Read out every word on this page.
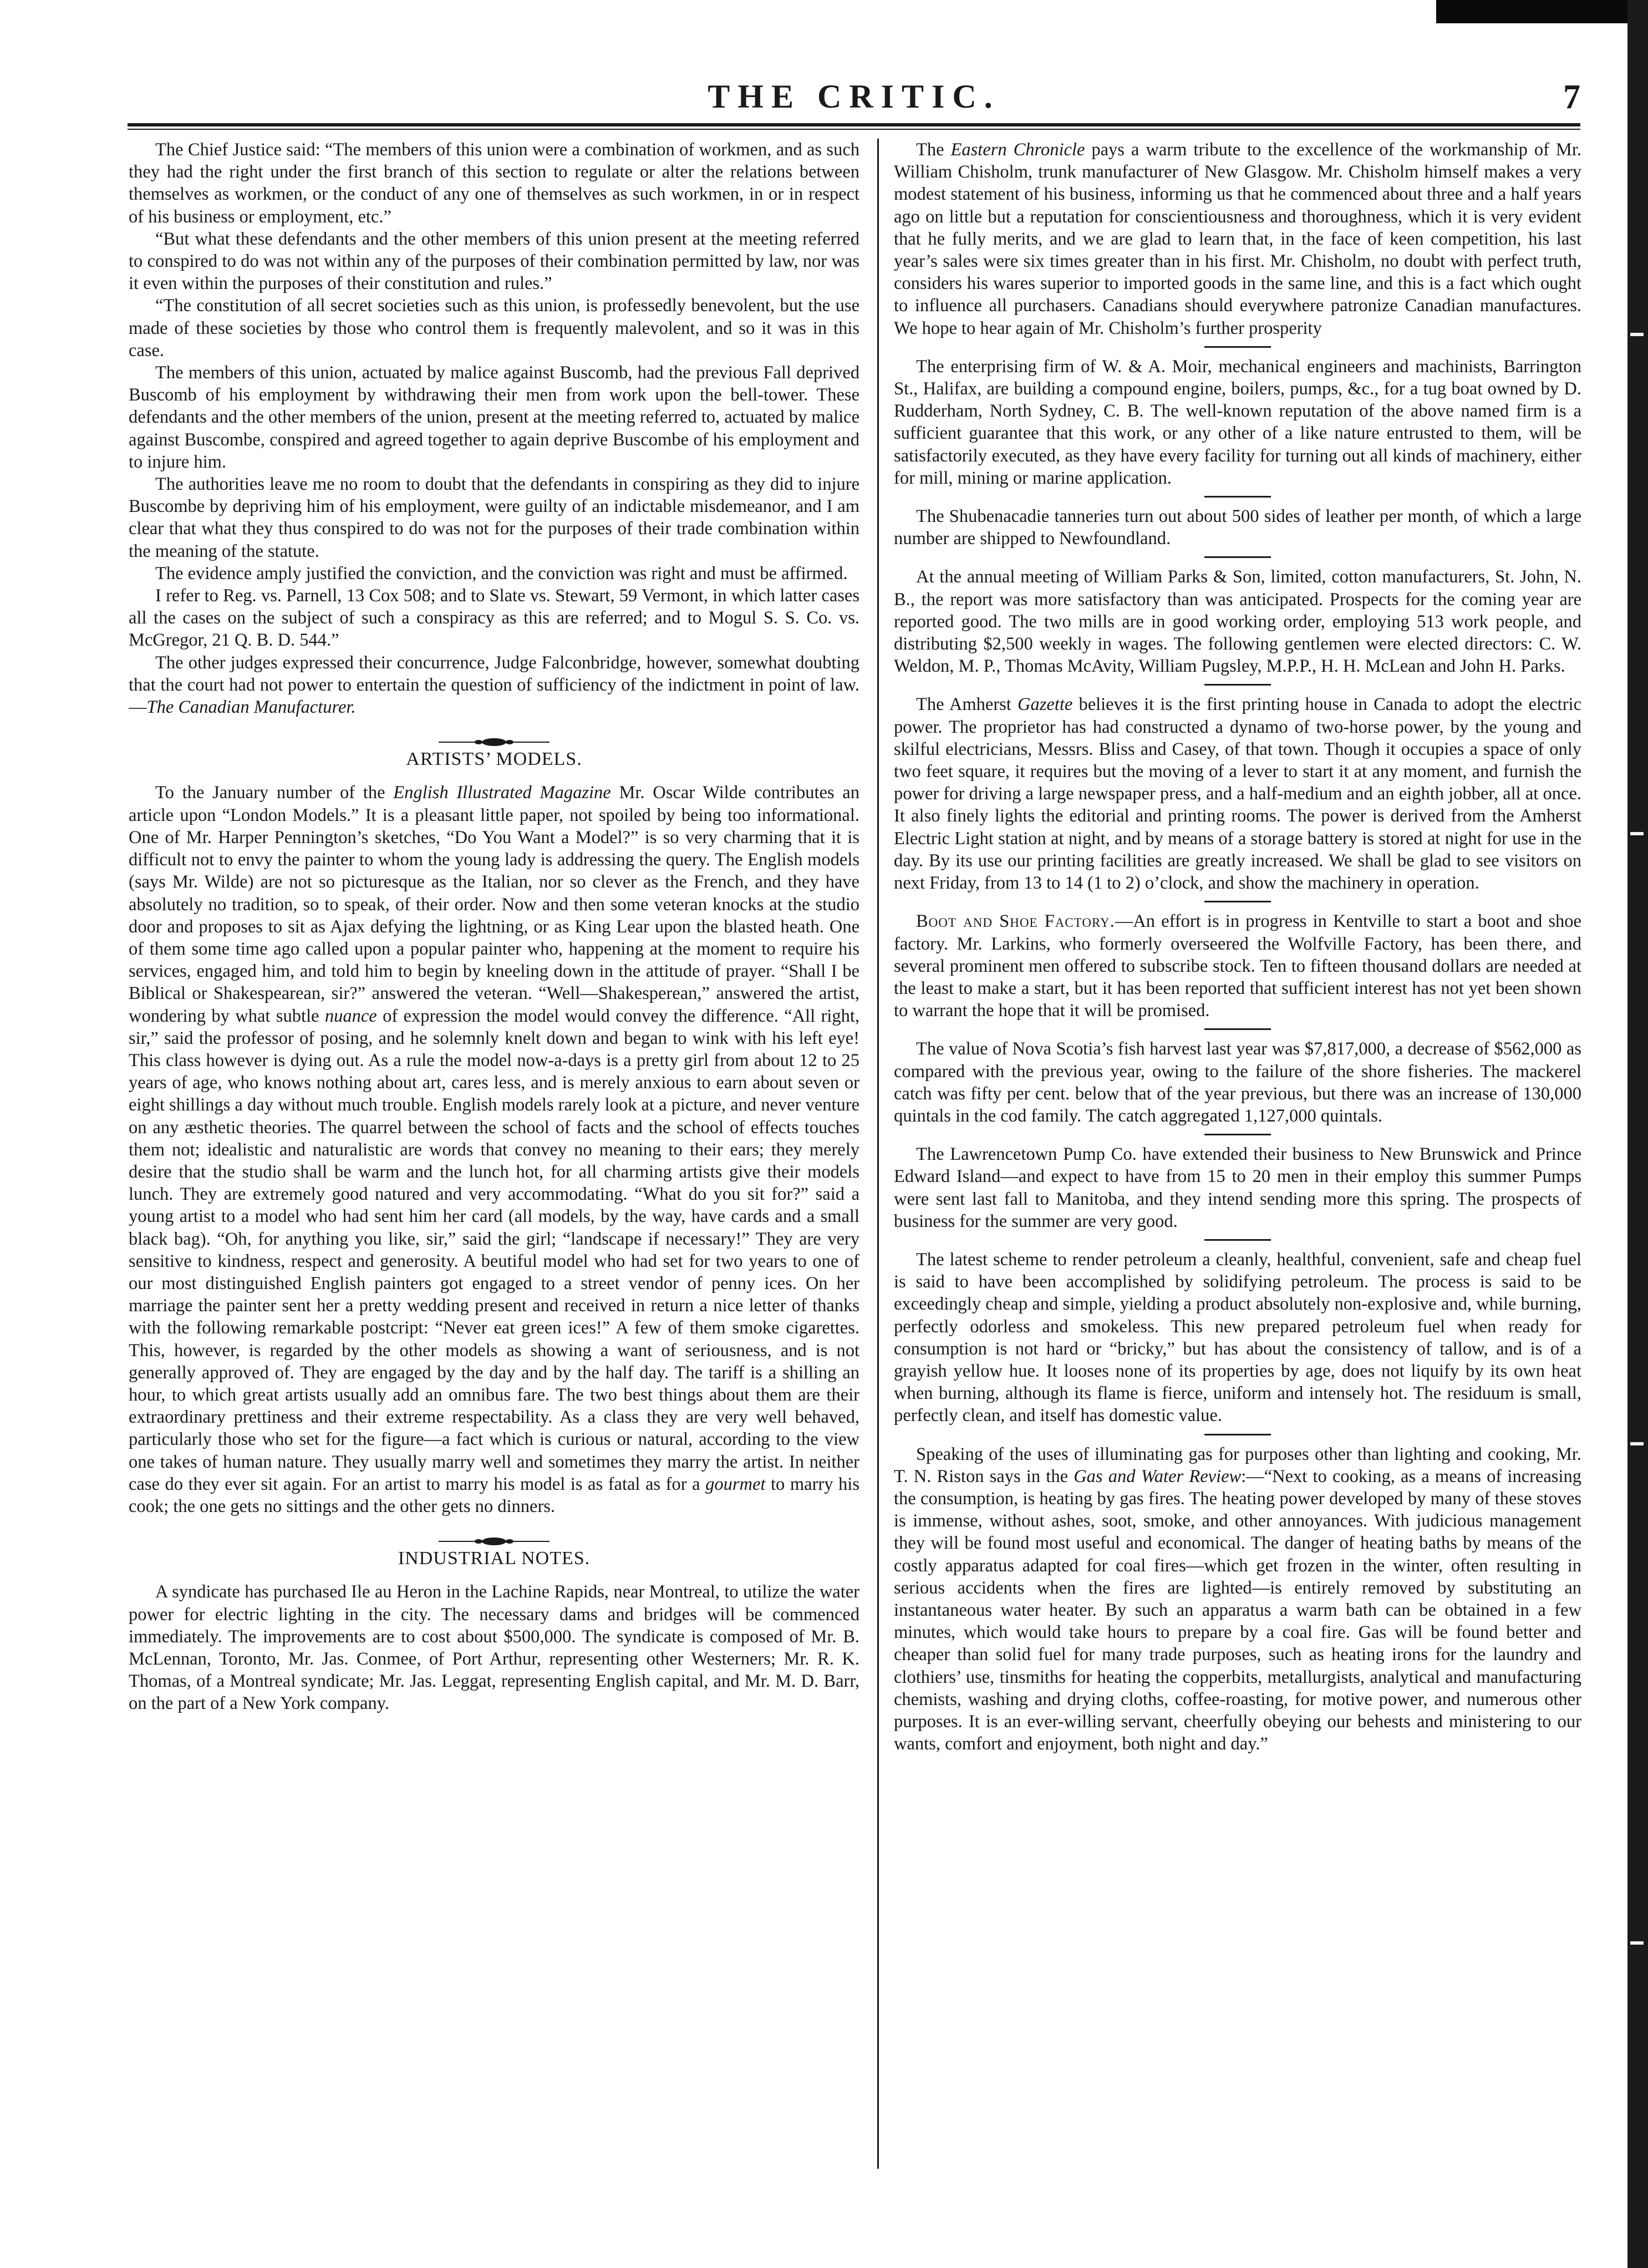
THE CRITIC.	7

The Chief Justice said: “The members of this union were a combination of workmen, and as such they had the right under the first branch of this section to regulate or alter the relations between themselves as workmen, or the conduct of any one of themselves as such workmen, in or in respect of his business or employment, etc.”

“But what these defendants and the other members of this union present at the meeting referred to conspired to do was not within any of the purposes of their combination permitted by law, nor was it even within the purposes of their constitution and rules.”

“The constitution of all secret societies such as this union, is professedly benevolent, but the use made of these societies by those who control them is frequently malevolent, and so it was in this case.

The members of this union, actuated by malice against Buscomb, had the previous Fall deprived Buscomb of his employment by withdrawing their men from work upon the bell-tower. These defendants and the other members of the union, present at the meeting referred to, actuated by malice against Buscombe, conspired and agreed together to again deprive Buscombe of his employment and to injure him.

The authorities leave me no room to doubt that the defendants in conspiring as they did to injure Buscombe by depriving him of his employment, were guilty of an indictable misdemeanor, and I am clear that what they thus conspired to do was not for the purposes of their trade combination within the meaning of the statute.

The evidence amply justified the conviction, and the conviction was right and must be affirmed.

I refer to Reg. vs. Parnell, 13 Cox 508; and to Slate vs. Stewart, 59 Vermont, in which latter cases all the cases on the subject of such a conspiracy as this are referred; and to Mogul S. S. Co. vs. McGregor, 21 Q. B. D. 544.”

The other judges expressed their concurrence, Judge Falconbridge, however, somewhat doubting that the court had not power to entertain the question of sufficiency of the indictment in point of law.—The Canadian Manufacturer.

ARTISTS’ MODELS.

To the January number of the English Illustrated Magazine Mr. Oscar Wilde contributes an article upon “London Models.” It is a pleasant little paper, not spoiled by being too informational. One of Mr. Harper Pennington’s sketches, “Do You Want a Model?” is so very charming that it is difficult not to envy the painter to whom the young lady is addressing the query. The English models (says Mr. Wilde) are not so picturesque as the Italian, nor so clever as the French, and they have absolutely no tradition, so to speak, of their order. Now and then some veteran knocks at the studio door and proposes to sit as Ajax defying the lightning, or as King Lear upon the blasted heath. One of them some time ago called upon a popular painter who, happening at the moment to require his services, engaged him, and told him to begin by kneeling down in the attitude of prayer. “Shall I be Biblical or Shakespearean, sir?” answered the veteran. “Well—Shakesperean,” answered the artist, wondering by what subtle nuance of expression the model would convey the difference. “All right, sir,” said the professor of posing, and he solemnly knelt down and began to wink with his left eye! This class however is dying out. As a rule the model now-a-days is a pretty girl from about 12 to 25 years of age, who knows nothing about art, cares less, and is merely anxious to earn about seven or eight shillings a day without much trouble. English models rarely look at a picture, and never venture on any æsthetic theories. The quarrel between the school of facts and the school of effects touches them not; idealistic and naturalistic are words that convey no meaning to their ears; they merely desire that the studio shall be warm and the lunch hot, for all charming artists give their models lunch. They are extremely good natured and very accommodating. “What do you sit for?” said a young artist to a model who had sent him her card (all models, by the way, have cards and a small black bag). “Oh, for anything you like, sir,” said the girl; “landscape if necessary!” They are very sensitive to kindness, respect and generosity. A beutiful model who had set for two years to one of our most distinguished English painters got engaged to a street vendor of penny ices. On her marriage the painter sent her a pretty wedding present and received in return a nice letter of thanks with the following remarkable postcript: “Never eat green ices!” A few of them smoke cigarettes. This, however, is regarded by the other models as showing a want of seriousness, and is not generally approved of. They are engaged by the day and by the half day. The tariff is a shilling an hour, to which great artists usually add an omnibus fare. The two best things about them are their extraordinary prettiness and their extreme respectability. As a class they are very well behaved, particularly those who set for the figure—a fact which is curious or natural, according to the view one takes of human nature. They usually marry well and sometimes they marry the artist. In neither case do they ever sit again. For an artist to marry his model is as fatal as for a gourmet to marry his cook; the one gets no sittings and the other gets no dinners.

INDUSTRIAL NOTES.

A syndicate has purchased Ile au Heron in the Lachine Rapids, near Montreal, to utilize the water power for electric lighting in the city. The necessary dams and bridges will be commenced immediately. The improvements are to cost about $500,000. The syndicate is composed of Mr. B. McLennan, Toronto, Mr. Jas. Conmee, of Port Arthur, representing other Westerners; Mr. R. K. Thomas, of a Montreal syndicate; Mr. Jas. Leggat, representing English capital, and Mr. M. D. Barr, on the part of a New York company.

The Eastern Chronicle pays a warm tribute to the excellence of the workmanship of Mr. William Chisholm, trunk manufacturer of New Glasgow. Mr. Chisholm himself makes a very modest statement of his business, informing us that he commenced about three and a half years ago on little but a reputation for conscientiousness and thoroughness, which it is very evident that he fully merits, and we are glad to learn that, in the face of keen competition, his last year’s sales were six times greater than in his first. Mr. Chisholm, no doubt with perfect truth, considers his wares superior to imported goods in the same line, and this is a fact which ought to influence all purchasers. Canadians should everywhere patronize Canadian manufactures. We hope to hear again of Mr. Chisholm’s further prosperity

The enterprising firm of W. & A. Moir, mechanical engineers and machinists, Barrington St., Halifax, are building a compound engine, boilers, pumps, &c., for a tug boat owned by D. Rudderham, North Sydney, C. B. The well-known reputation of the above named firm is a sufficient guarantee that this work, or any other of a like nature entrusted to them, will be satisfactorily executed, as they have every facility for turning out all kinds of machinery, either for mill, mining or marine application.

The Shubenacadie tanneries turn out about 500 sides of leather per month, of which a large number are shipped to Newfoundland.

At the annual meeting of William Parks & Son, limited, cotton manufacturers, St. John, N. B., the report was more satisfactory than was anticipated. Prospects for the coming year are reported good. The two mills are in good working order, employing 513 work people, and distributing $2,500 weekly in wages. The following gentlemen were elected directors: C. W. Weldon, M. P., Thomas McAvity, William Pugsley, M.P.P., H. H. McLean and John H. Parks.

The Amherst Gazette believes it is the first printing house in Canada to adopt the electric power. The proprietor has had constructed a dynamo of two-horse power, by the young and skilful electricians, Messrs. Bliss and Casey, of that town. Though it occupies a space of only two feet square, it requires but the moving of a lever to start it at any moment, and furnish the power for driving a large newspaper press, and a half-medium and an eighth jobber, all at once. It also finely lights the editorial and printing rooms. The power is derived from the Amherst Electric Light station at night, and by means of a storage battery is stored at night for use in the day. By its use our printing facilities are greatly increased. We shall be glad to see visitors on next Friday, from 13 to 14 (1 to 2) o’clock, and show the machinery in operation.

Boot and Shoe Factory.—An effort is in progress in Kentville to start a boot and shoe factory. Mr. Larkins, who formerly overseered the Wolfville Factory, has been there, and several prominent men offered to subscribe stock. Ten to fifteen thousand dollars are needed at the least to make a start, but it has been reported that sufficient interest has not yet been shown to warrant the hope that it will be promised.

The value of Nova Scotia’s fish harvest last year was $7,817,000, a decrease of $562,000 as compared with the previous year, owing to the failure of the shore fisheries. The mackerel catch was fifty per cent. below that of the year previous, but there was an increase of 130,000 quintals in the cod family. The catch aggregated 1,127,000 quintals.

The Lawrencetown Pump Co. have extended their business to New Brunswick and Prince Edward Island—and expect to have from 15 to 20 men in their employ this summer Pumps were sent last fall to Manitoba, and they intend sending more this spring. The prospects of business for the summer are very good.

The latest scheme to render petroleum a cleanly, healthful, convenient, safe and cheap fuel is said to have been accomplished by solidifying petroleum. The process is said to be exceedingly cheap and simple, yielding a product absolutely non-explosive and, while burning, perfectly odorless and smokeless. This new prepared petroleum fuel when ready for consumption is not hard or “bricky,” but has about the consistency of tallow, and is of a grayish yellow hue. It looses none of its properties by age, does not liquify by its own heat when burning, although its flame is fierce, uniform and intensely hot. The residuum is small, perfectly clean, and itself has domestic value.

Speaking of the uses of illuminating gas for purposes other than lighting and cooking, Mr. T. N. Riston says in the Gas and Water Review:—“Next to cooking, as a means of increasing the consumption, is heating by gas fires. The heating power developed by many of these stoves is immense, without ashes, soot, smoke, and other annoyances. With judicious management they will be found most useful and economical. The danger of heating baths by means of the costly apparatus adapted for coal fires—which get frozen in the winter, often resulting in serious accidents when the fires are lighted—is entirely removed by substituting an instantaneous water heater. By such an apparatus a warm bath can be obtained in a few minutes, which would take hours to prepare by a coal fire. Gas will be found better and cheaper than solid fuel for many trade purposes, such as heating irons for the laundry and clothiers’ use, tinsmiths for heating the copperbits, metallurgists, analytical and manufacturing chemists, washing and drying cloths, coffee-roasting, for motive power, and numerous other purposes. It is an ever-willing servant, cheerfully obeying our behests and ministering to our wants, comfort and enjoyment, both night and day.”
